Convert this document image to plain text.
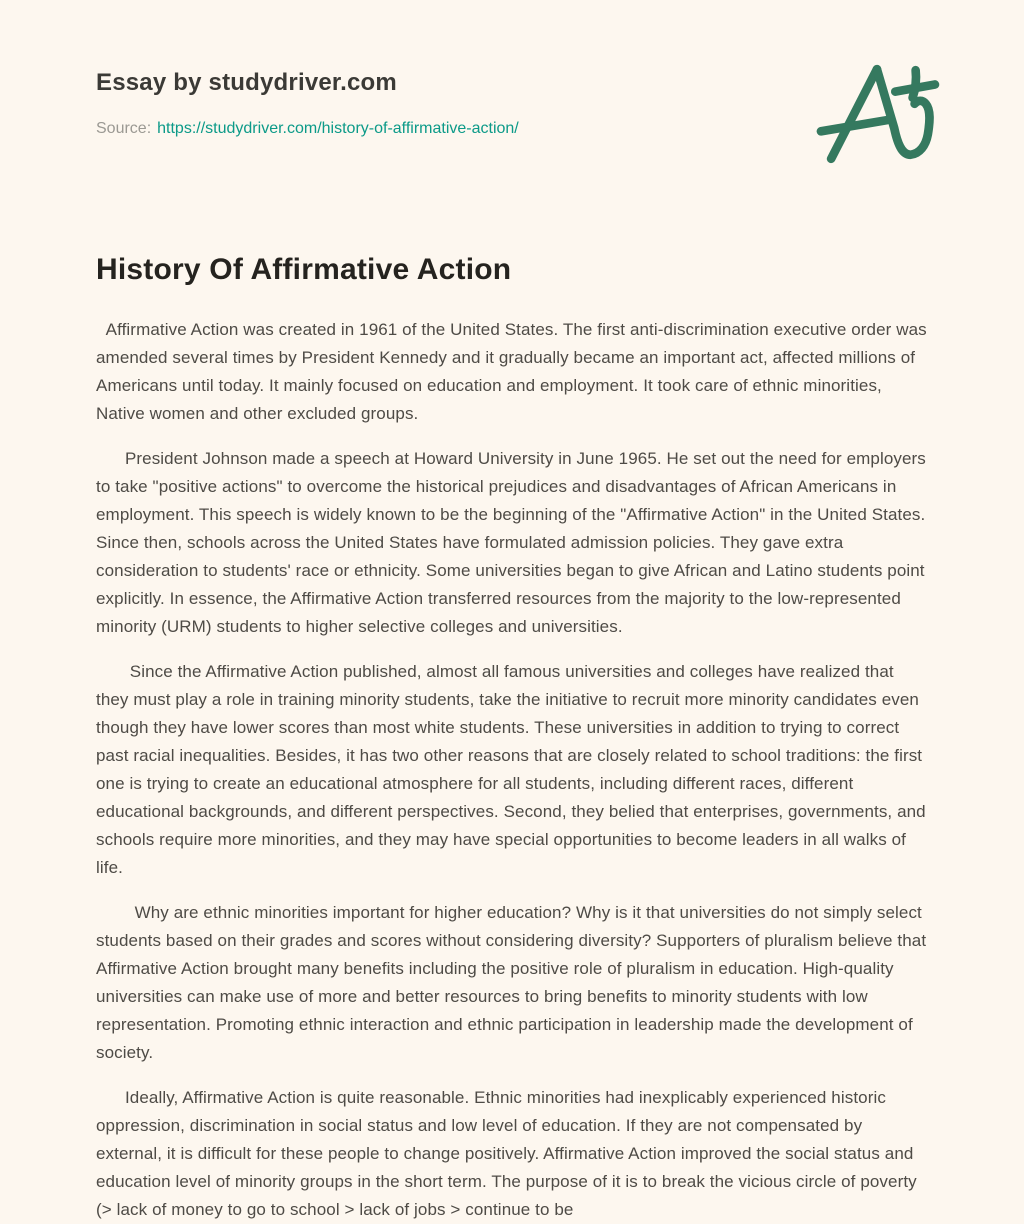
Essay by studydriver.com

Source: https://studydriver.com/history-of-affirmative-action/

History Of Affirmative Action

Affirmative Action was created in 1961 of the United States. The first anti-discrimination executive order was amended several times by President Kennedy and it gradually became an important act, affected millions of Americans until today. It mainly focused on education and employment. It took care of ethnic minorities, Native women and other excluded groups.

President Johnson made a speech at Howard University in June 1965. He set out the need for employers to take "positive actions" to overcome the historical prejudices and disadvantages of African Americans in employment. This speech is widely known to be the beginning of the "Affirmative Action" in the United States. Since then, schools across the United States have formulated admission policies. They gave extra consideration to students' race or ethnicity. Some universities began to give African and Latino students point explicitly. In essence, the Affirmative Action transferred resources from the majority to the low-represented minority (URM) students to higher selective colleges and universities.

Since the Affirmative Action published, almost all famous universities and colleges have realized that they must play a role in training minority students, take the initiative to recruit more minority candidates even though they have lower scores than most white students. These universities in addition to trying to correct past racial inequalities. Besides, it has two other reasons that are closely related to school traditions: the first one is trying to create an educational atmosphere for all students, including different races, different educational backgrounds, and different perspectives. Second, they belied that enterprises, governments, and schools require more minorities, and they may have special opportunities to become leaders in all walks of life.

Why are ethnic minorities important for higher education? Why is it that universities do not simply select students based on their grades and scores without considering diversity? Supporters of pluralism believe that Affirmative Action brought many benefits including the positive role of pluralism in education. High-quality universities can make use of more and better resources to bring benefits to minority students with low representation. Promoting ethnic interaction and ethnic participation in leadership made the development of society.

Ideally, Affirmative Action is quite reasonable. Ethnic minorities had inexplicably experienced historic oppression, discrimination in social status and low level of education. If they are not compensated by external, it is difficult for these people to change positively. Affirmative Action improved the social status and education level of minority groups in the short term. The purpose of it is to break the vicious circle of poverty (> lack of money to go to school > lack of jobs > continue to be
